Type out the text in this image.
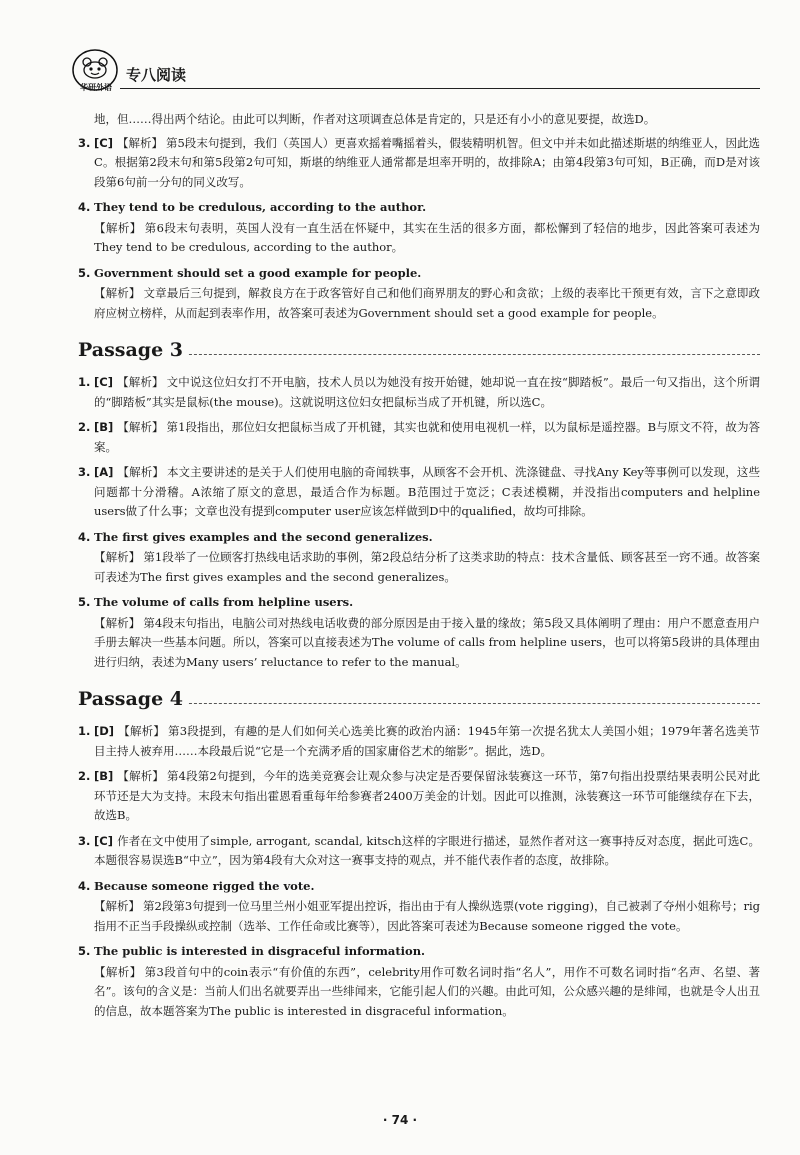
华研外语
专八阅读

地，但……得出两个结论。由此可以判断，作者对这项调查总体是肯定的，只是还有小小的意见要提，故选D。

3. [C] 【解析】 第5段末句提到，我们（英国人）更喜欢摇着嘴摇着头，假装精明机智。但文中并未如此描述斯堪的纳维亚人，因此选C。根据第2段末句和第5段第2句可知，斯堪的纳维亚人通常都是坦率开明的，故排除A；由第4段第3句可知，B正确，而D是对该段第6句前一分句的同义改写。
4. They tend to be credulous, according to the author.
【解析】 第6段末句表明，英国人没有一直生活在怀疑中，其实在生活的很多方面，都松懈到了轻信的地步，因此答案可表述为They tend to be credulous, according to the author。
5. Government should set a good example for people.
【解析】 文章最后三句提到，解救良方在于政客管好自己和他们商界朋友的野心和贪欲；上级的表率比干预更有效，言下之意即政府应树立榜样，从而起到表率作用，故答案可表述为Government should set a good example for people。
Passage 3
1. [C] 【解析】 文中说这位妇女打不开电脑，技术人员以为她没有按开始键，她却说一直在按“脚踏板”。最后一句又指出，这个所谓的“脚踏板”其实是鼠标(the mouse)。这就说明这位妇女把鼠标当成了开机键，所以选C。
2. [B] 【解析】 第1段指出，那位妇女把鼠标当成了开机键，其实也就和使用电视机一样，以为鼠标是遥控器。B与原文不符，故为答案。
3. [A] 【解析】 本文主要讲述的是关于人们使用电脑的奇闻轶事，从顾客不会开机、洗涤键盘、寻找Any Key等事例可以发现，这些问题都十分滑稽。A浓缩了原文的意思，最适合作为标题。B范围过于宽泛；C表述模糊，并没指出computers and helpline users做了什么事；文章也没有提到computer user应该怎样做到D中的qualified，故均可排除。
4. The first gives examples and the second generalizes.
【解析】 第1段举了一位顾客打热线电话求助的事例，第2段总结分析了这类求助的特点：技术含量低、顾客甚至一窍不通。故答案可表述为The first gives examples and the second generalizes。
5. The volume of calls from helpline users.
【解析】 第4段末句指出，电脑公司对热线电话收费的部分原因是由于接入量的缘故；第5段又具体阐明了理由：用户不愿意查用户手册去解决一些基本问题。所以，答案可以直接表述为The volume of calls from helpline users，也可以将第5段讲的具体理由进行归纳，表述为Many users’ reluctance to refer to the manual。
Passage 4
1. [D] 【解析】 第3段提到，有趣的是人们如何关心选美比赛的政治内涵：1945年第一次提名犹太人美国小姐；1979年著名选美节目主持人被弃用……本段最后说“它是一个充满矛盾的国家庸俗艺术的缩影”。据此，选D。
2. [B] 【解析】 第4段第2句提到，今年的选美竞赛会让观众参与决定是否要保留泳装赛这一环节，第7句指出投票结果表明公民对此环节还是大为支持。末段末句指出霍恩看重每年给参赛者2400万美金的计划。因此可以推测，泳装赛这一环节可能继续存在下去，故选B。
3. [C] 作者在文中使用了simple, arrogant, scandal, kitsch这样的字眼进行描述，显然作者对这一赛事持反对态度，据此可选C。本题很容易误选B“中立”，因为第4段有大众对这一赛事支持的观点，并不能代表作者的态度，故排除。
4. Because someone rigged the vote.
【解析】 第2段第3句提到一位马里兰州小姐亚军提出控诉，指出由于有人操纵选票(vote rigging)，自己被剥了夺州小姐称号；rig指用不正当手段操纵或控制（选举、工作任命或比赛等），因此答案可表述为Because someone rigged the vote。
5. The public is interested in disgraceful information.
【解析】 第3段首句中的coin表示“有价值的东西”，celebrity用作可数名词时指“名人”，用作不可数名词时指“名声、名望、著名”。该句的含义是：当前人们出名就要弄出一些绯闻来，它能引起人们的兴趣。由此可知，公众感兴趣的是绯闻，也就是令人出丑的信息，故本题答案为The public is interested in disgraceful information。
· 74 ·
